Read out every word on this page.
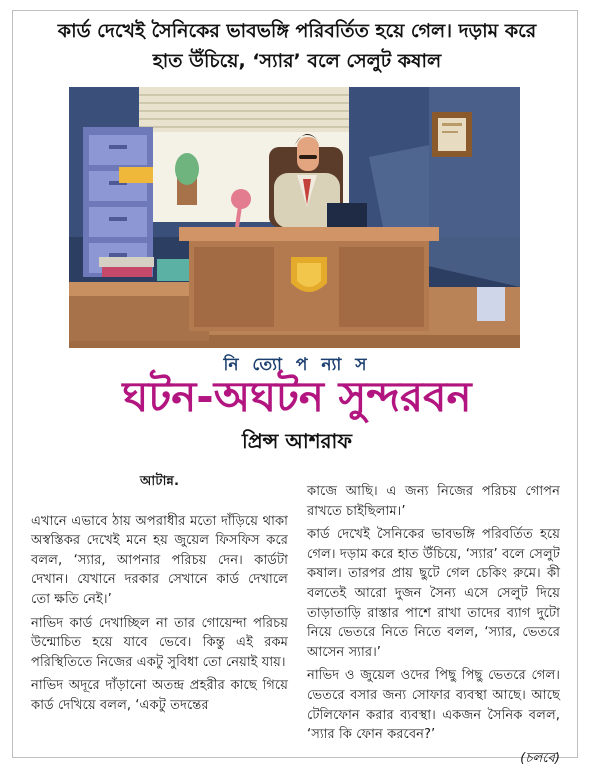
কার্ড দেখেই সৈনিকের ভাবভঙ্গি পরিবর্তিত হয়ে গেল। দড়াম করে
হাত উঁচিয়ে, ‘স্যার’ বলে সেলুট কষাল
নি ত্যো প ন্যা স
ঘটন-অঘটন সুন্দরবন
প্রিন্স আশরাফ

আটান্ন.

এখানে এভাবে ঠায় অপরাধীর মতো দাঁড়িয়ে থাকা অস্বস্তিকর দেখেই মনে হয় জুয়েল ফিসফিস করে বলল, ‘স্যার, আপনার পরিচয় দেন। কার্ডটা দেখান। যেখানে দরকার সেখানে কার্ড দেখালে তো ক্ষতি নেই।’

নাভিদ কার্ড দেখাচ্ছিল না তার গোয়েন্দা পরিচয় উন্মোচিত হয়ে যাবে ভেবে। কিন্তু এই রকম পরিস্থিতিতে নিজের একটু সুবিধা তো নেয়াই যায়।

নাভিদ অদূরে দাঁড়ানো অতন্দ্র প্রহরীর কাছে গিয়ে কার্ড দেখিয়ে বলল, ‘একটু তদন্তের

কাজে আছি। এ জন্য নিজের পরিচয় গোপন রাখতে চাইছিলাম।’

কার্ড দেখেই সৈনিকের ভাবভঙ্গি পরিবর্তিত হয়ে গেল। দড়াম করে হাত উঁচিয়ে, ‘স্যার’ বলে সেলুট কষাল। তারপর প্রায় ছুটে গেল চেকিং রুমে। কী বলতেই আরো দুজন সৈন্য এসে সেলুট দিয়ে তাড়াতাড়ি রাস্তার পাশে রাখা তাদের ব্যাগ দুটো নিয়ে ভেতরে নিতে নিতে বলল, ‘স্যার, ভেতরে আসেন স্যার।’

নাভিদ ও জুয়েল ওদের পিছু পিছু ভেতরে গেল। ভেতরে বসার জন্য সোফার ব্যবস্থা আছে। আছে টেলিফোন করার ব্যবস্থা। একজন সৈনিক বলল, ‘স্যার কি ফোন করবেন?’

(চলবে)
